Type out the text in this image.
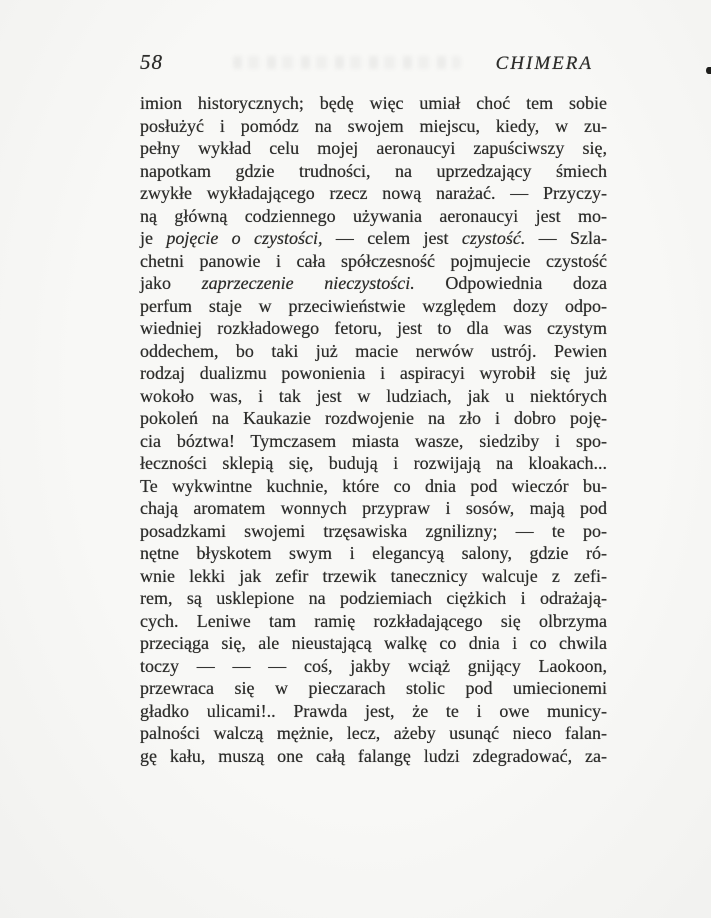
58	CHIMERA
imion historycznych; będę więc umiał choć tem sobie
posłużyć i pomódz na swojem miejscu, kiedy, w zu-
pełny wykład celu mojej aeronaucyi zapuściwszy się,
napotkam gdzie trudności, na uprzedzający śmiech
zwykłe wykładającego rzecz nową narażać. — Przyczy-
ną główną codziennego używania aeronaucyi jest mo-
je pojęcie o czystości, — celem jest czystość. — Szla-
chetni panowie i cała spółczesność pojmujecie czystość
jako zaprzeczenie nieczystości. Odpowiednia doza
perfum staje w przeciwieństwie względem dozy odpo-
wiedniej rozkładowego fetoru, jest to dla was czystym
oddechem, bo taki już macie nerwów ustrój. Pewien
rodzaj dualizmu powonienia i aspiracyi wyrobił się już
wokoło was, i tak jest w ludziach, jak u niektórych
pokoleń na Kaukazie rozdwojenie na zło i dobro poję-
cia bóztwa! Tymczasem miasta wasze, siedziby i spo-
łeczności sklepią się, budują i rozwijają na kloakach...
Te wykwintne kuchnie, które co dnia pod wieczór bu-
chają aromatem wonnych przypraw i sosów, mają pod
posadzkami swojemi trzęsawiska zgnilizny; — te po-
nętne błyskotem swym i elegancyą salony, gdzie ró-
wnie lekki jak zefir trzewik tanecznicy walcuje z zefi-
rem, są usklepione na podziemiach ciężkich i odrażają-
cych. Leniwe tam ramię rozkładającego się olbrzyma
przeciąga się, ale nieustającą walkę co dnia i co chwila
toczy — — — coś, jakby wciąż gnijący Laokoon,
przewraca się w pieczarach stolic pod umiecionemi
gładko ulicami!.. Prawda jest, że te i owe municy-
palności walczą mężnie, lecz, ażeby usunąć nieco falan-
gę kału, muszą one całą falangę ludzi zdegradować, za-
